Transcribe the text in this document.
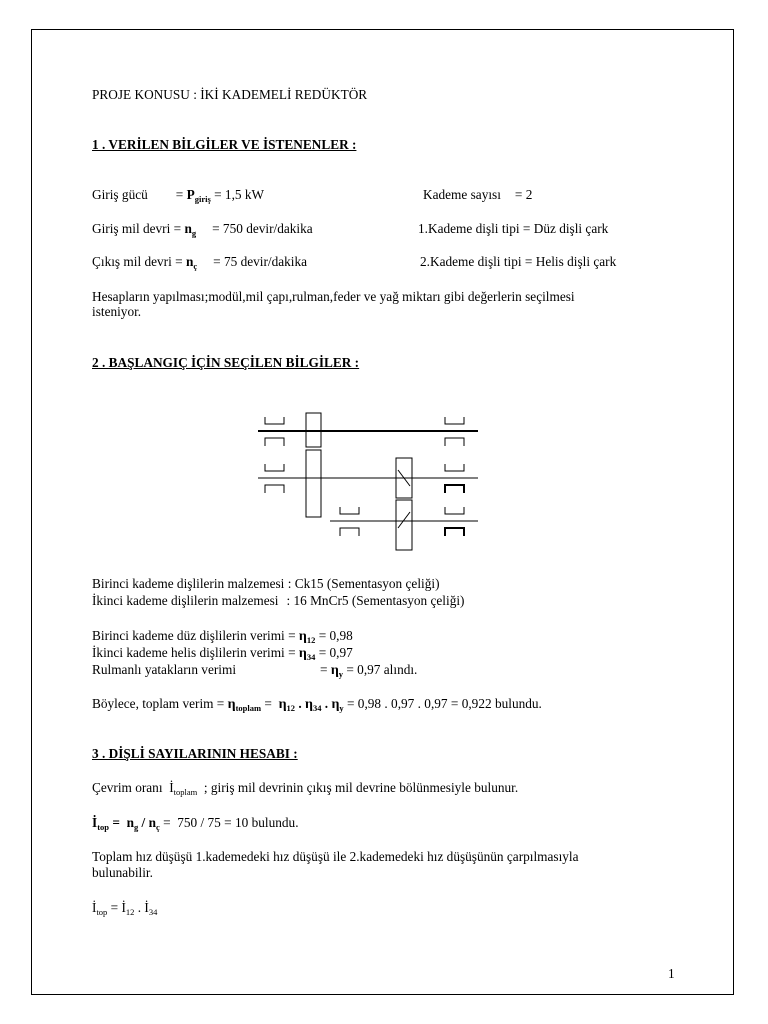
PROJE KONUSU : İKİ KADEMELİ REDÜKTÖR
1 . VERİLEN BİLGİLER VE İSTENENLER :
Giriş gücü = $P_{giriş} = 1,5$ kW	Kademe sayısı = 2
Giriş mil devri = $n_g = 750$ devir/dakika	1.Kademe dişli tipi = Düz dişli çark
Çıkış mil devri = $n_ç = 75$ devir/dakika	2.Kademe dişli tipi = Helis dişli çark
Hesapların yapılması;modül,mil çapı,rulman,feder ve yağ miktarı gibi değerlerin seçilmesi
isteniyor.
2 . BAŞLANGIÇ İÇİN SEÇİLEN BİLGİLER :
Birinci kademe dişlilerin malzemesi : Ck15 (Sementasyon çeliği)
İkinci kademe dişlilerin malzemesi : 16 MnCr5 (Sementasyon çeliği)
Birinci kademe düz dişlilerin verimi = $\eta_{12} = 0,98$
İkinci kademe helis dişlilerin verimi = $\eta_{34} = 0,97$
Rulmanlı yatakların verimi	= $\eta_y = 0,97$ alındı.
Böylece, toplam verim = $\eta_{toplam} = \eta_{12}$ . $\eta_{34}$ . $\eta_y = 0,98$ . 0,97 . 0,97 = 0,922 bulundu.
3 . DİŞLİ SAYILARININ HESABI :
Çevrim oranı $İ_{toplam}$ ; giriş mil devrinin çıkış mil devrine bölünmesiyle bulunur.
$İ_{top} = n_g / n_ç = 750 / 75 = 10$ bulundu.
Toplam hız düşüşü 1.kademedeki hız düşüşü ile 2.kademedeki hız düşüşünün çarpılmasıyla
bulunabilir.
$İ_{top}$ = $İ_{12}$ . $İ_{34}$
1
